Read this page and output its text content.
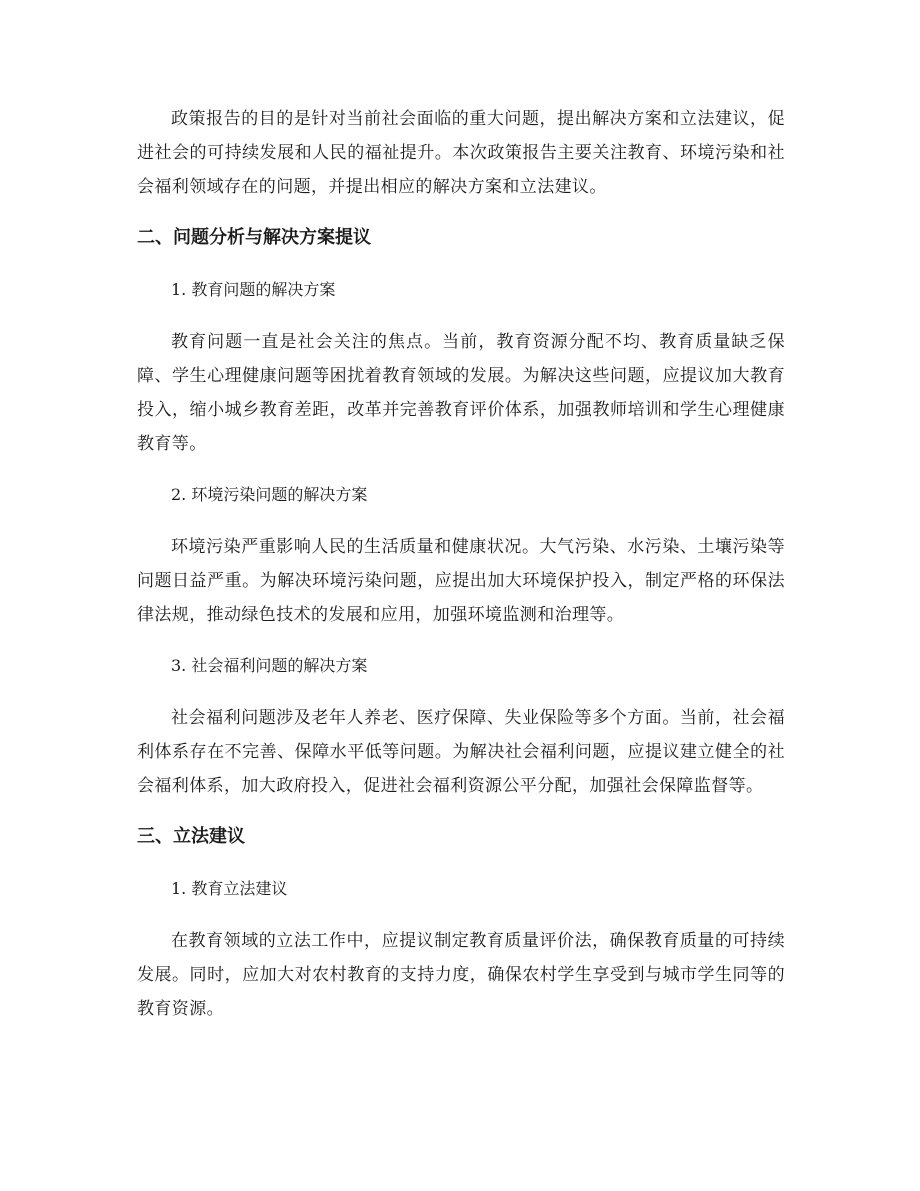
政策报告的目的是针对当前社会面临的重大问题，提出解决方案和立法建议，促进社会的可持续发展和人民的福祉提升。本次政策报告主要关注教育、环境污染和社会福利领域存在的问题，并提出相应的解决方案和立法建议。

二、问题分析与解决方案提议
1. 教育问题的解决方案

教育问题一直是社会关注的焦点。当前，教育资源分配不均、教育质量缺乏保障、学生心理健康问题等困扰着教育领域的发展。为解决这些问题，应提议加大教育投入，缩小城乡教育差距，改革并完善教育评价体系，加强教师培训和学生心理健康教育等。

2. 环境污染问题的解决方案

环境污染严重影响人民的生活质量和健康状况。大气污染、水污染、土壤污染等问题日益严重。为解决环境污染问题，应提出加大环境保护投入，制定严格的环保法律法规，推动绿色技术的发展和应用，加强环境监测和治理等。

3. 社会福利问题的解决方案

社会福利问题涉及老年人养老、医疗保障、失业保险等多个方面。当前，社会福利体系存在不完善、保障水平低等问题。为解决社会福利问题，应提议建立健全的社会福利体系，加大政府投入，促进社会福利资源公平分配，加强社会保障监督等。

三、立法建议
1. 教育立法建议

在教育领域的立法工作中，应提议制定教育质量评价法，确保教育质量的可持续发展。同时，应加大对农村教育的支持力度，确保农村学生享受到与城市学生同等的教育资源。
